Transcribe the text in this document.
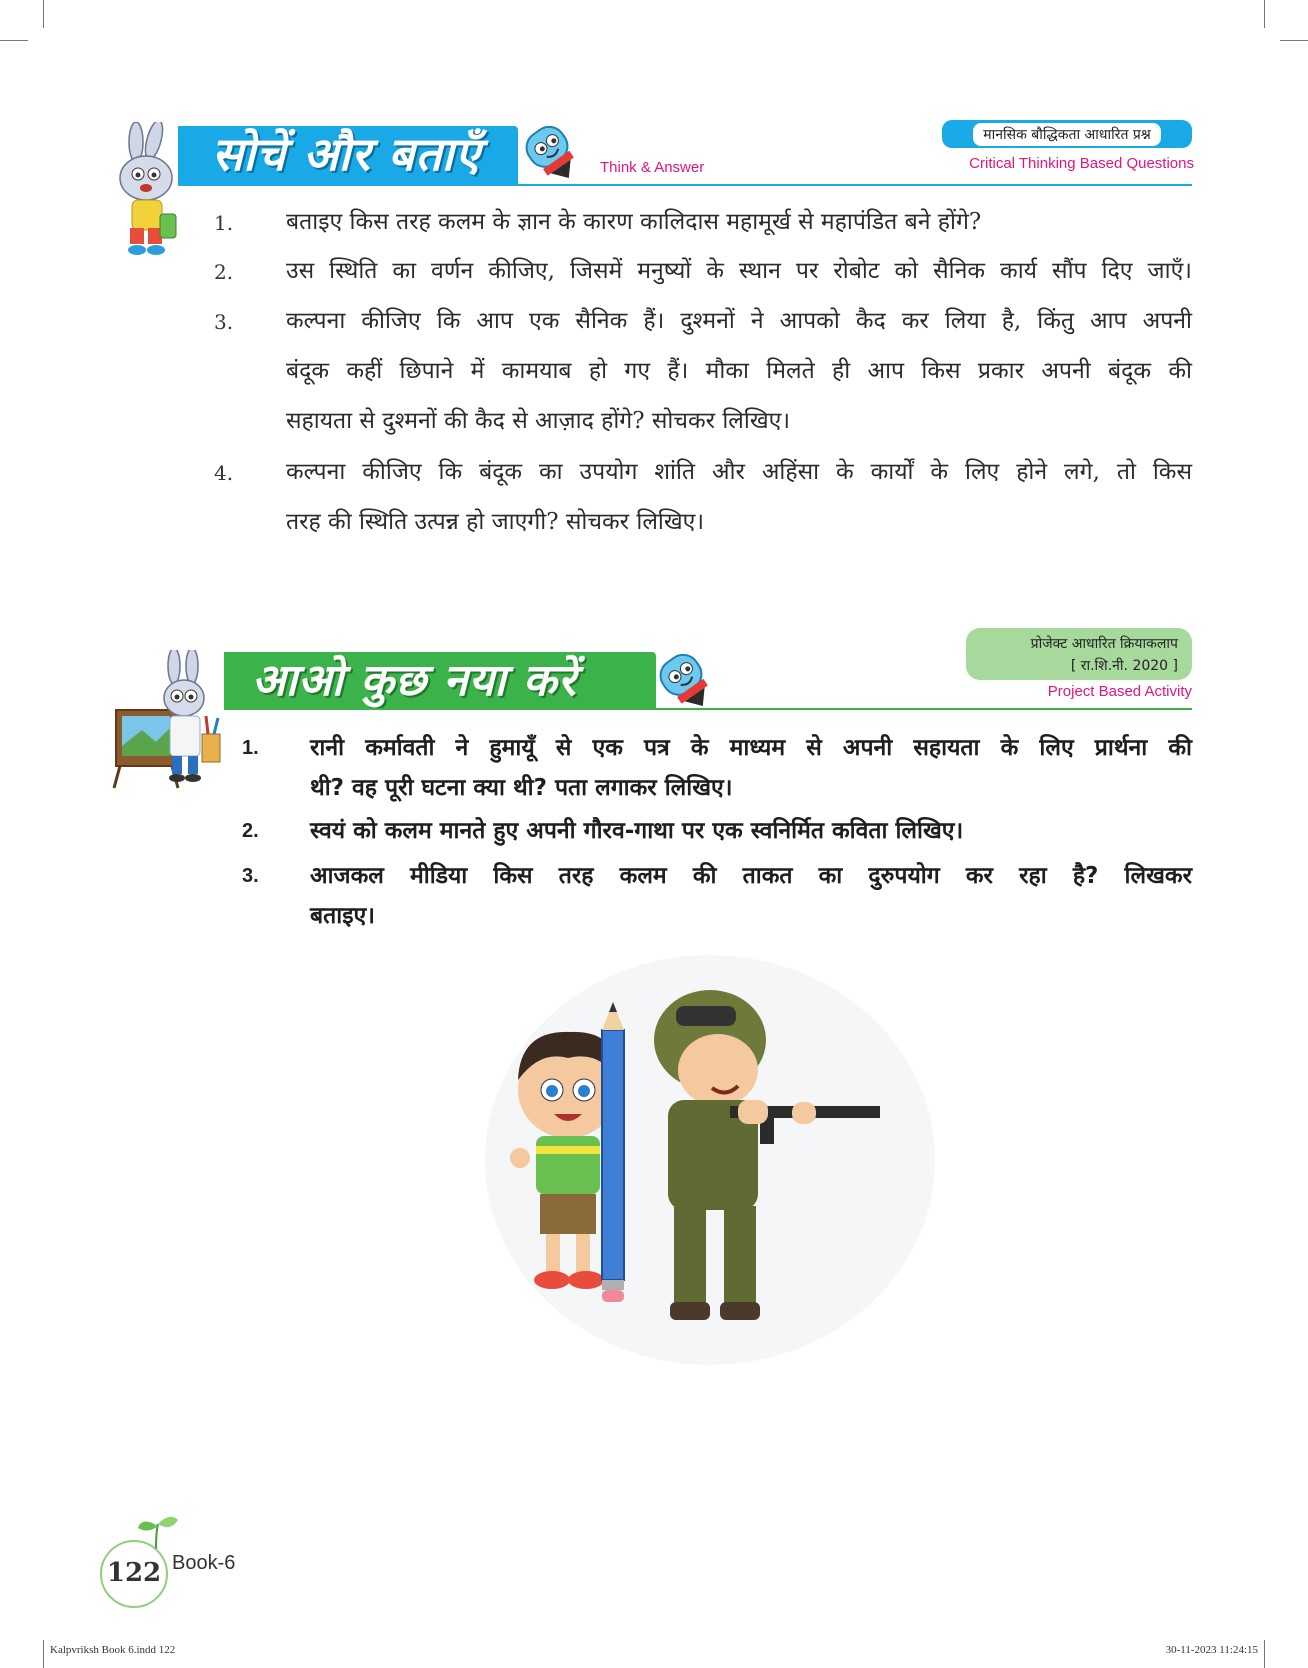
सोचें और बताएँ	Think & Answer
मानसिक बौद्धिकता आधारित प्रश्न
Critical Thinking Based Questions
1. बताइए किस तरह कलम के ज्ञान के कारण कालिदास महामूर्ख से महापंडित बने होंगे?
2. उस स्थिति का वर्णन कीजिए, जिसमें मनुष्यों के स्थान पर रोबोट को सैनिक कार्य सौंप दिए जाएँ।
3. कल्पना कीजिए कि आप एक सैनिक हैं। दुश्मनों ने आपको कैद कर लिया है, किंतु आप अपनी
बंदूक कहीं छिपाने में कामयाब हो गए हैं। मौका मिलते ही आप किस प्रकार अपनी बंदूक की
सहायता से दुश्मनों की कैद से आज़ाद होंगे? सोचकर लिखिए।
4. कल्पना कीजिए कि बंदूक का उपयोग शांति और अहिंसा के कार्यों के लिए होने लगे, तो किस
तरह की स्थिति उत्पन्न हो जाएगी? सोचकर लिखिए।
आओ कुछ नया करें
प्रोजेक्ट आधारित क्रियाकलाप
[ रा.शि.नी. 2020 ]
Project Based Activity
1. रानी कर्मावती ने हुमायूँ से एक पत्र के माध्यम से अपनी सहायता के लिए प्रार्थना की
थी? वह पूरी घटना क्या थी? पता लगाकर लिखिए।
2. स्वयं को कलम मानते हुए अपनी गौरव-गाथा पर एक स्वनिर्मित कविता लिखिए।
3. आजकल मीडिया किस तरह कलम की ताकत का दुरुपयोग कर रहा है? लिखकर
बताइए।
122 Book-6
Kalpvriksh Book 6.indd 122	30-11-2023 11:24:15
